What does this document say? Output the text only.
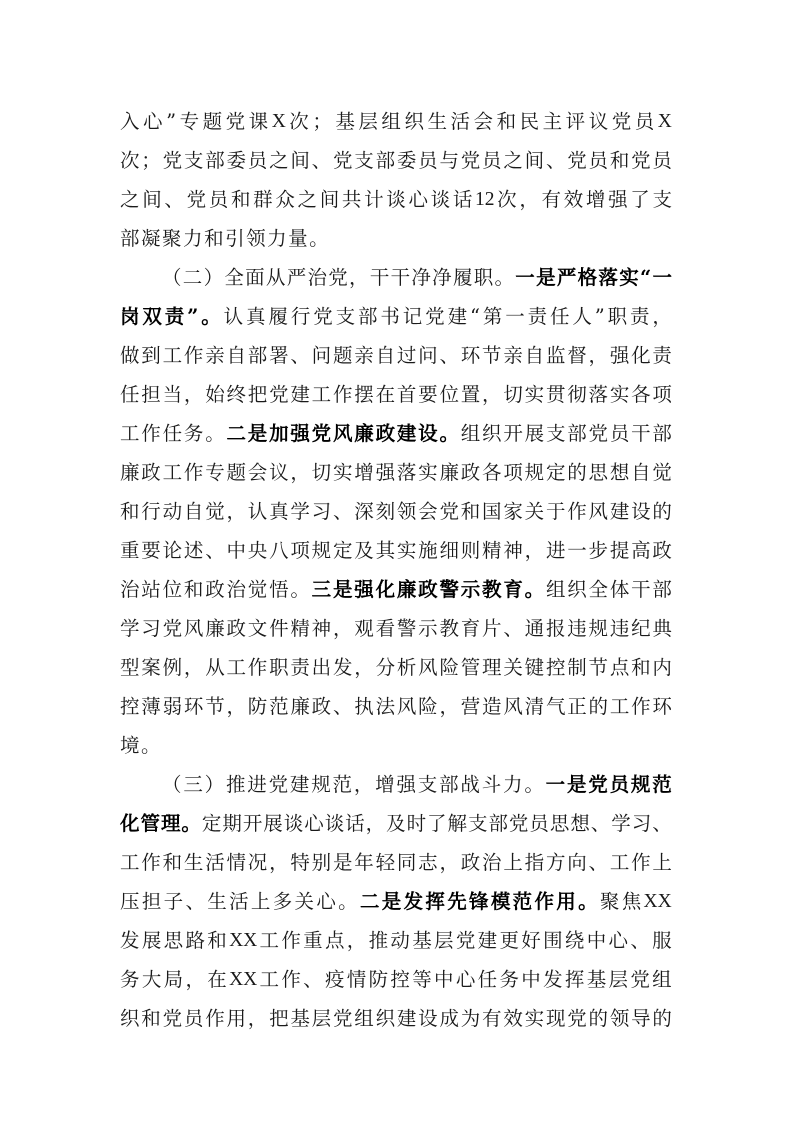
入 心 ” 专 题 党 课 X 次 ； 基 层 组 织 生 活 会 和 民 主 评 议 党 员 X
次 ； 党 支 部 委 员 之 间 、 党 支 部 委 员 与 党 员 之 间 、 党 员 和 党 员
之 间 、 党 员 和 群 众 之 间 共 计 谈 心 谈 话 12 次 ， 有 效 增 强 了 支
部 凝 聚 力 和 引 领 力 量 。
（ 二 ） 全 面 从 严 治 党 ， 干 干 净 净 履 职 。 一 是 严 格 落 实 “ 一
岗 双 责 ” 。 认 真 履 行 党 支 部 书 记 党 建 “ 第 一 责 任 人 ” 职 责 ，
做 到 工 作 亲 自 部 署 、 问 题 亲 自 过 问 、 环 节 亲 自 监 督 ， 强 化 责
任 担 当 ， 始 终 把 党 建 工 作 摆 在 首 要 位 置 ， 切 实 贯 彻 落 实 各 项
工 作 任 务 。 二 是 加 强 党 风 廉 政 建 设 。 组 织 开 展 支 部 党 员 干 部
廉 政 工 作 专 题 会 议 ， 切 实 增 强 落 实 廉 政 各 项 规 定 的 思 想 自 觉
和 行 动 自 觉 ， 认 真 学 习 、 深 刻 领 会 党 和 国 家 关 于 作 风 建 设 的
重 要 论 述 、 中 央 八 项 规 定 及 其 实 施 细 则 精 神 ， 进 一 步 提 高 政
治 站 位 和 政 治 觉 悟 。 三 是 强 化 廉 政 警 示 教 育 。 组 织 全 体 干 部
学 习 党 风 廉 政 文 件 精 神 ， 观 看 警 示 教 育 片 、 通 报 违 规 违 纪 典
型 案 例 ， 从 工 作 职 责 出 发 ， 分 析 风 险 管 理 关 键 控 制 节 点 和 内
控 薄 弱 环 节 ， 防 范 廉 政 、 执 法 风 险 ， 营 造 风 清 气 正 的 工 作 环
境 。
（ 三 ） 推 进 党 建 规 范 ， 增 强 支 部 战 斗 力 。 一 是 党 员 规 范
化 管 理 。 定 期 开 展 谈 心 谈 话 ， 及 时 了 解 支 部 党 员 思 想 、 学 习 、
工 作 和 生 活 情 况 ， 特 别 是 年 轻 同 志 ， 政 治 上 指 方 向 、 工 作 上
压 担 子 、 生 活 上 多 关 心 。 二 是 发 挥 先 锋 模 范 作 用 。 聚 焦 XX
发 展 思 路 和 XX 工 作 重 点 ， 推 动 基 层 党 建 更 好 围 绕 中 心 、 服
务 大 局 ， 在 XX 工 作 、 疫 情 防 控 等 中 心 任 务 中 发 挥 基 层 党 组
织 和 党 员 作 用 ， 把 基 层 党 组 织 建 设 成 为 有 效 实 现 党 的 领 导 的
